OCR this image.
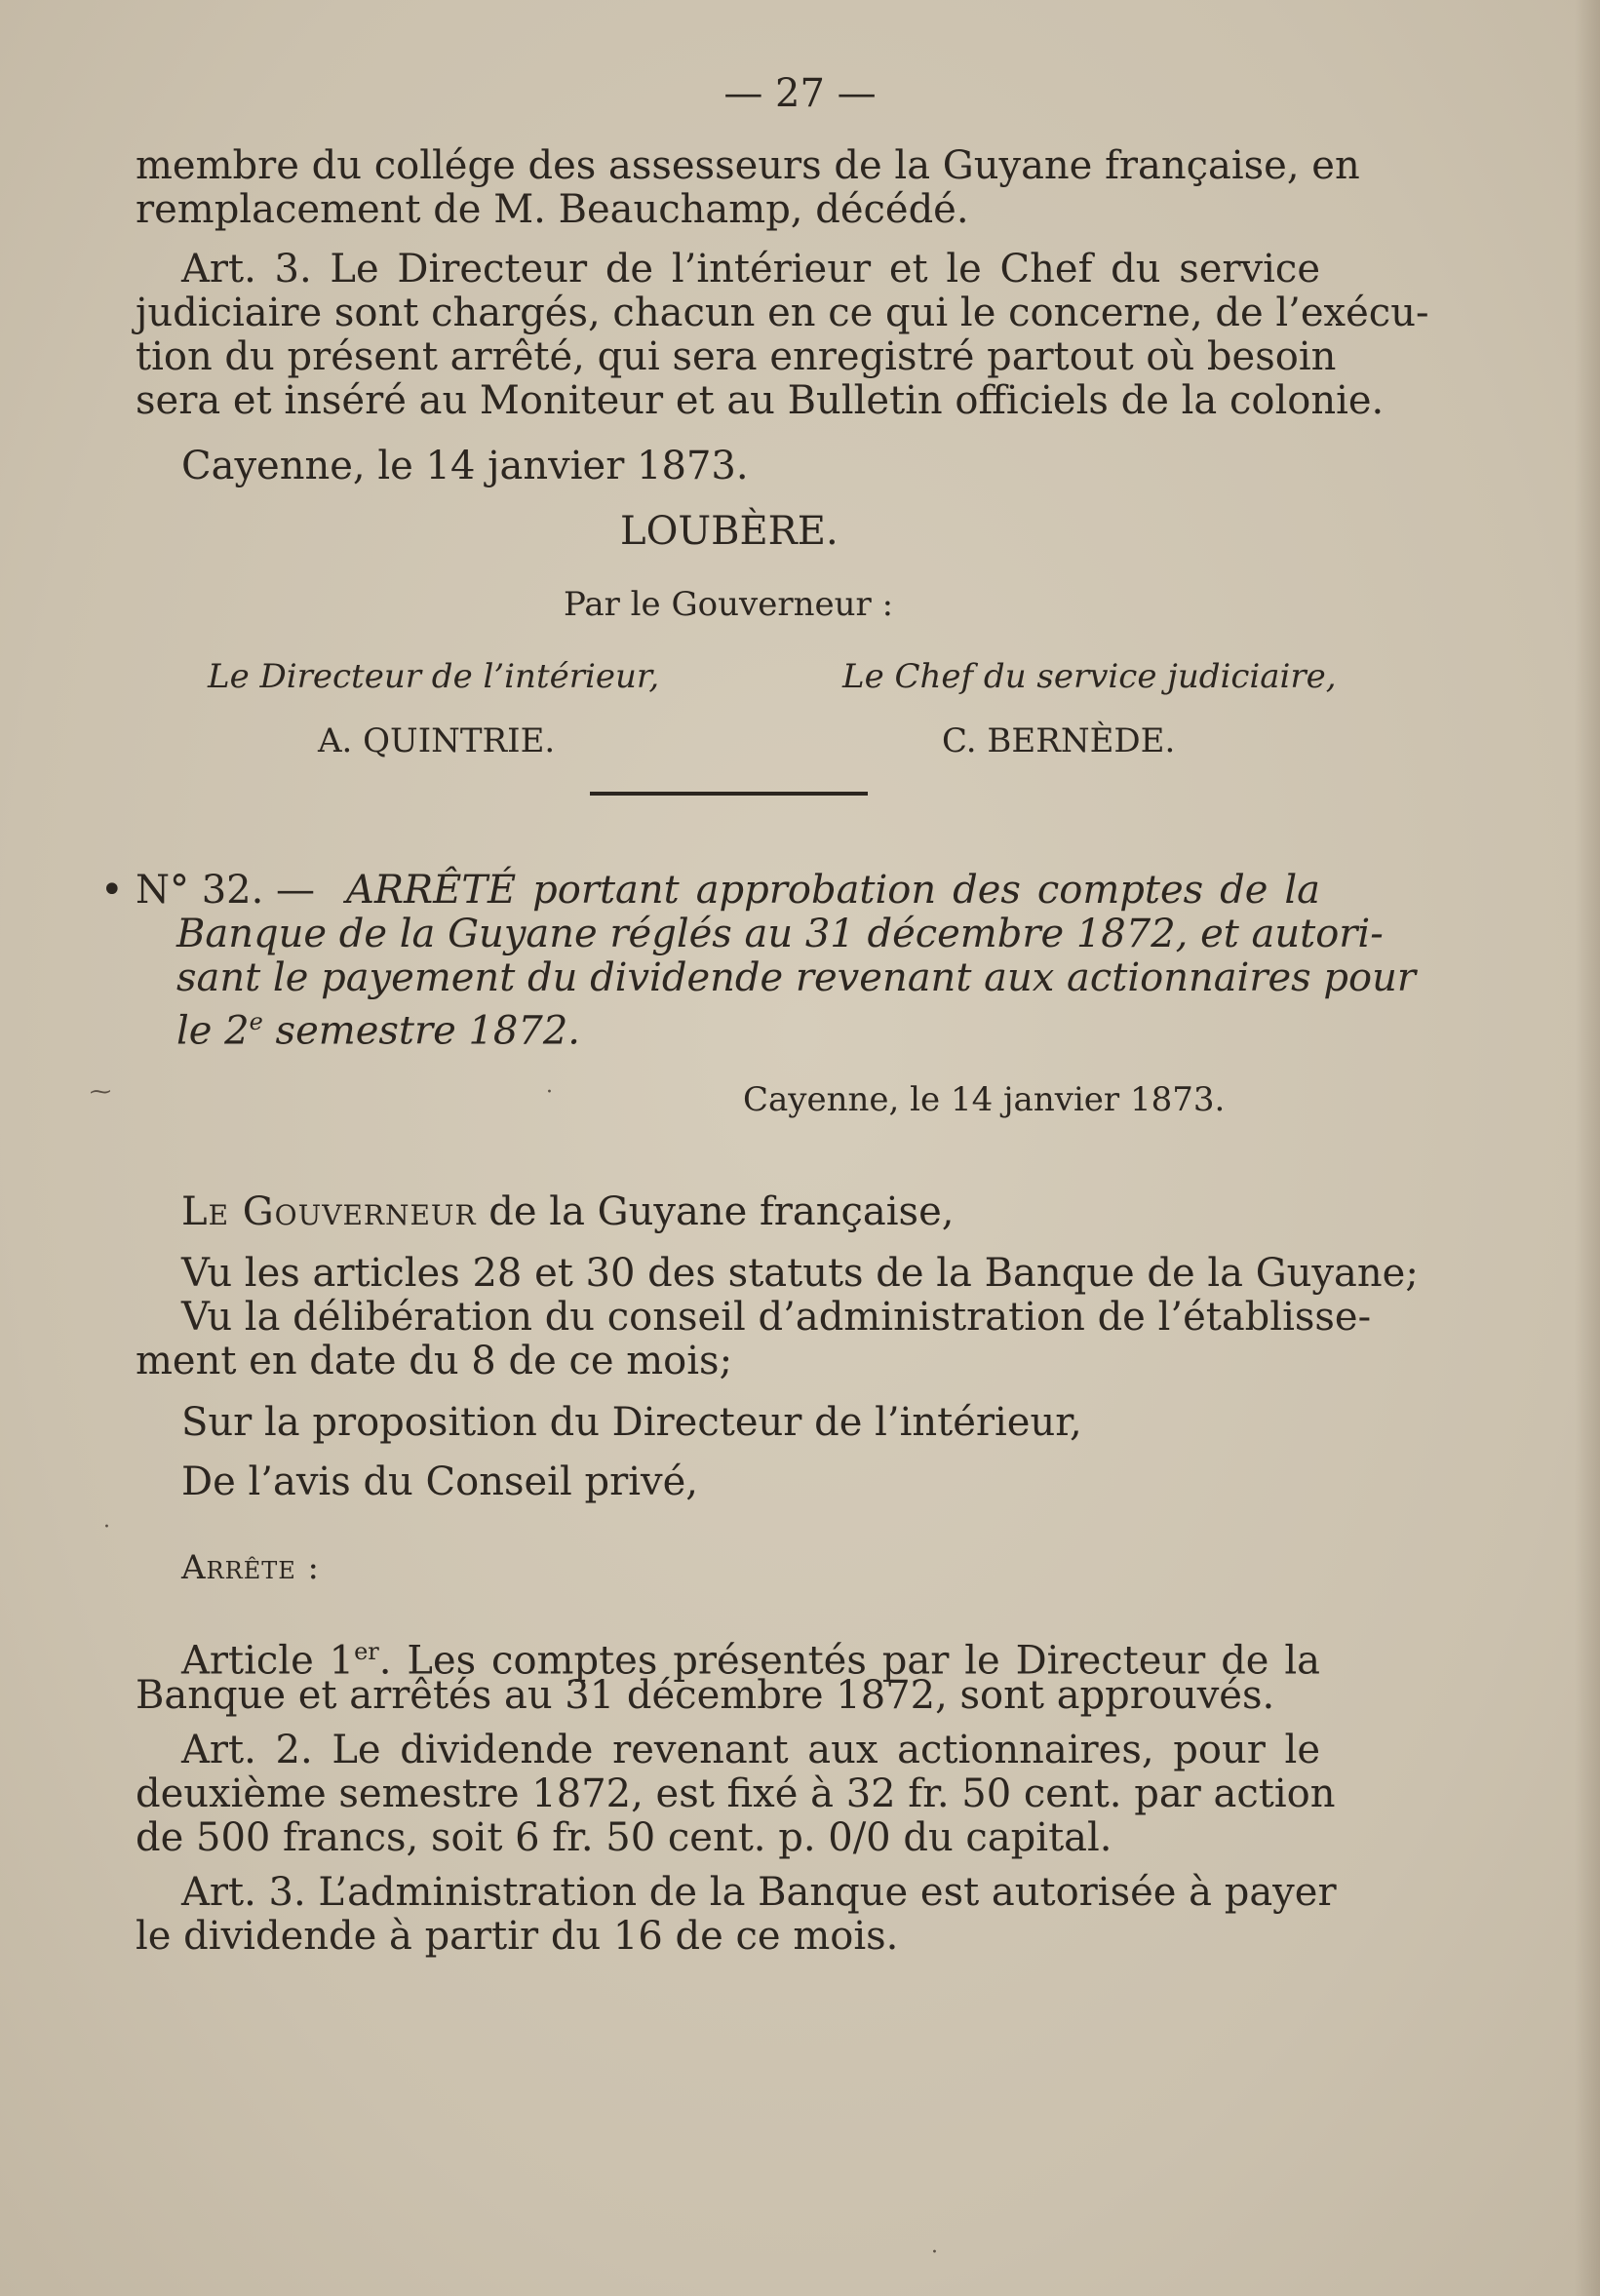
— 27 —
membre du collége des assesseurs de la Guyane française, en
remplacement de M. Beauchamp, décédé.
Art. 3. Le Directeur de l’intérieur et le Chef du service
judiciaire sont chargés, chacun en ce qui le concerne, de l’exécu-
tion du présent arrêté, qui sera enregistré partout où besoin
sera et inséré au Moniteur et au Bulletin officiels de la colonie.
Cayenne, le 14 janvier 1873.
LOUBÈRE.
Par le Gouverneur :
Le Directeur de l’intérieur,	Le Chef du service judiciaire,
A. QUINTRIE.	C. BERNÈDE.
• N° 32. — ARRÊTÉ portant approbation des comptes de la
Banque de la Guyane réglés au 31 décembre 1872, et autori-
sant le payement du dividende revenant aux actionnaires pour
le 2e semestre 1872.
Cayenne, le 14 janvier 1873.
Le Gouverneur de la Guyane française,
Vu les articles 28 et 30 des statuts de la Banque de la Guyane;
Vu la délibération du conseil d’administration de l’établisse-
ment en date du 8 de ce mois;
Sur la proposition du Directeur de l’intérieur,
De l’avis du Conseil privé,
Arrête :
Article 1er. Les comptes présentés par le Directeur de la
Banque et arrêtés au 31 décembre 1872, sont approuvés.
Art. 2. Le dividende revenant aux actionnaires, pour le
deuxième semestre 1872, est fixé à 32 fr. 50 cent. par action
de 500 francs, soit 6 fr. 50 cent. p. 0/0 du capital.
Art. 3. L’administration de la Banque est autorisée à payer
le dividende à partir du 16 de ce mois.
⁓
·
·
·
